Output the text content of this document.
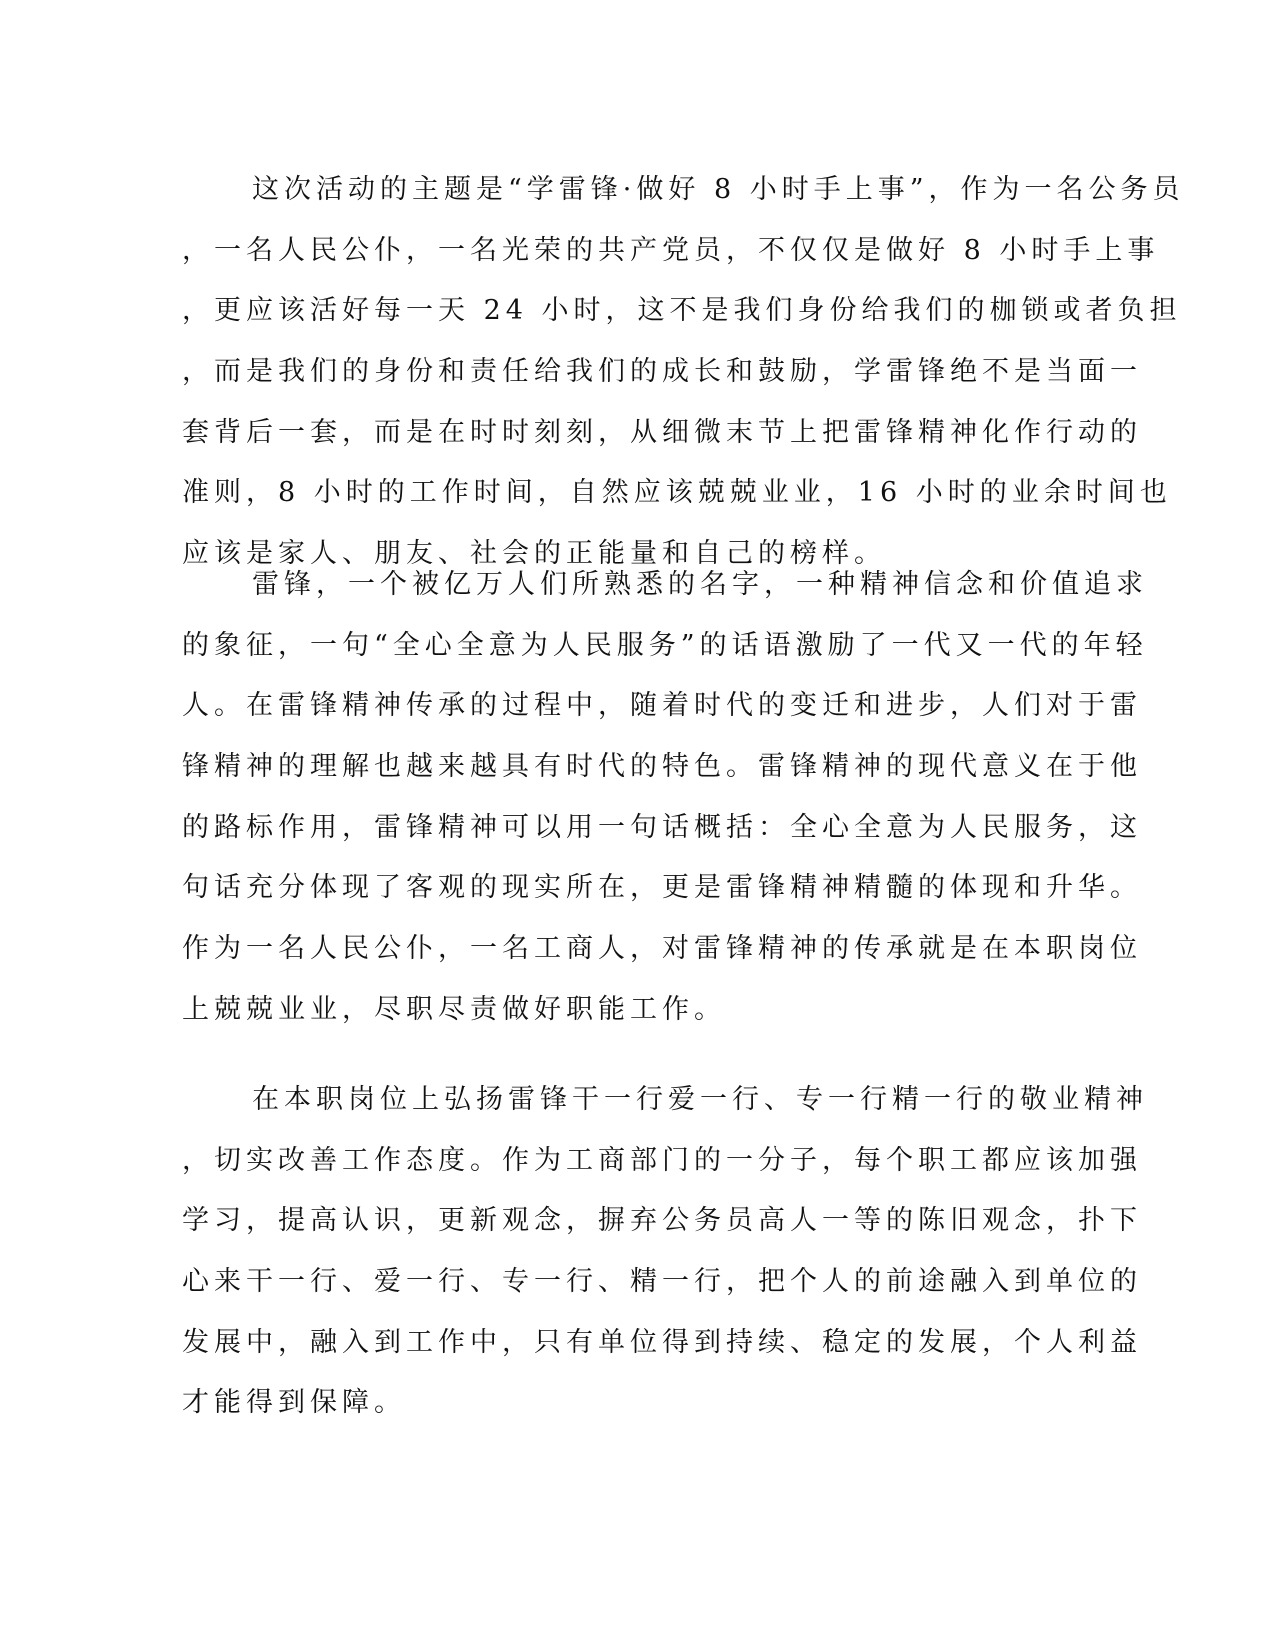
这次活动的主题是“学雷锋·做好 8 小时手上事”，作为一名公务员
，一名人民公仆，一名光荣的共产党员，不仅仅是做好 8 小时手上事
，更应该活好每一天 24 小时，这不是我们身份给我们的枷锁或者负担
，而是我们的身份和责任给我们的成长和鼓励，学雷锋绝不是当面一
套背后一套，而是在时时刻刻，从细微末节上把雷锋精神化作行动的
准则，8 小时的工作时间，自然应该兢兢业业，16 小时的业余时间也
应该是家人、朋友、社会的正能量和自己的榜样。
雷锋，一个被亿万人们所熟悉的名字，一种精神信念和价值追求
的象征，一句“全心全意为人民服务”的话语激励了一代又一代的年轻
人。在雷锋精神传承的过程中，随着时代的变迁和进步，人们对于雷
锋精神的理解也越来越具有时代的特色。雷锋精神的现代意义在于他
的路标作用，雷锋精神可以用一句话概括：全心全意为人民服务，这
句话充分体现了客观的现实所在，更是雷锋精神精髓的体现和升华。
作为一名人民公仆，一名工商人，对雷锋精神的传承就是在本职岗位
上兢兢业业，尽职尽责做好职能工作。
在本职岗位上弘扬雷锋干一行爱一行、专一行精一行的敬业精神
，切实改善工作态度。作为工商部门的一分子，每个职工都应该加强
学习，提高认识，更新观念，摒弃公务员高人一等的陈旧观念，扑下
心来干一行、爱一行、专一行、精一行，把个人的前途融入到单位的
发展中，融入到工作中，只有单位得到持续、稳定的发展，个人利益
才能得到保障。
